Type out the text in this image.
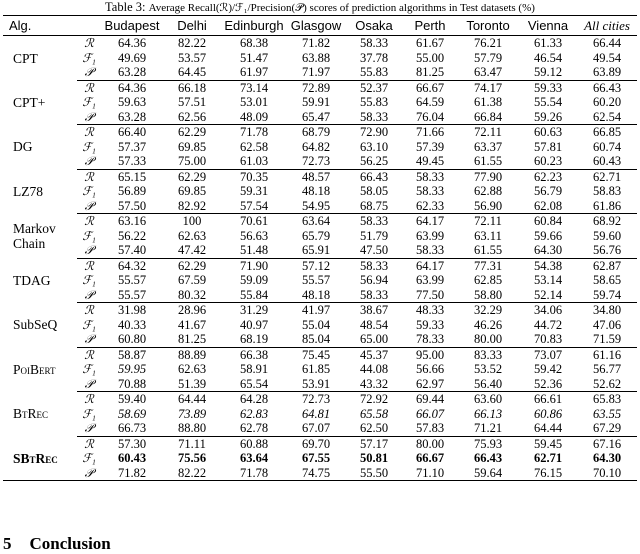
Table 3: Average Recall(ℛ)/ℱ₁/Precision(𝒫) scores of prediction algorithms in Test datasets (%)
Alg.		Budapest	Delhi	Edinburgh	Glasgow	Osaka	Perth	Toronto	Vienna	All cities
CPT	ℛ	64.36	82.22	68.38	71.82	58.33	61.67	76.21	61.33	66.44
	ℱ₁	49.69	53.57	51.47	63.88	37.78	55.00	57.79	46.54	49.54
	𝒫	63.28	64.45	61.97	71.97	55.83	81.25	63.47	59.12	63.89
CPT+	ℛ	64.36	66.18	73.14	72.89	52.37	66.67	74.17	59.33	66.43
	ℱ₁	59.63	57.51	53.01	59.91	55.83	64.59	61.38	55.54	60.20
	𝒫	63.28	62.56	48.09	65.47	58.33	76.04	66.84	59.26	62.54
DG	ℛ	66.40	62.29	71.78	68.79	72.90	71.66	72.11	60.63	66.85
	ℱ₁	57.37	69.85	62.58	64.82	63.10	57.39	63.37	57.81	60.74
	𝒫	57.33	75.00	61.03	72.73	56.25	49.45	61.55	60.23	60.43
LZ78	ℛ	65.15	62.29	70.35	48.57	66.43	58.33	77.90	62.23	62.71
	ℱ₁	56.89	69.85	59.31	48.18	58.05	58.33	62.88	56.79	58.83
	𝒫	57.50	82.92	57.54	54.95	68.75	62.33	56.90	62.08	61.86
Markov Chain	ℛ	63.16	100	70.61	63.64	58.33	64.17	72.11	60.84	68.92
	ℱ₁	56.22	62.63	56.63	65.79	51.79	63.99	63.11	59.66	59.60
	𝒫	57.40	47.42	51.48	65.91	47.50	58.33	61.55	64.30	56.76
TDAG	ℛ	64.32	62.29	71.90	57.12	58.33	64.17	77.31	54.38	62.87
	ℱ₁	55.57	67.59	59.09	55.57	56.94	63.99	62.85	53.14	58.65
	𝒫	55.57	80.32	55.84	48.18	58.33	77.50	58.80	52.14	59.74
SubSeQ	ℛ	31.98	28.96	31.29	41.97	38.67	48.33	32.29	34.06	34.80
	ℱ₁	40.33	41.67	40.97	55.04	48.54	59.33	46.26	44.72	47.06
	𝒫	60.80	81.25	68.19	85.04	65.00	78.33	80.00	70.83	71.59
PoiBert	ℛ	58.87	88.89	66.38	75.45	45.37	95.00	83.33	73.07	61.16
	ℱ₁	59.95	62.63	58.91	61.85	44.08	56.66	53.52	59.42	56.77
	𝒫	70.88	51.39	65.54	53.91	43.32	62.97	56.40	52.36	52.62
BtRec	ℛ	59.40	64.44	64.28	72.73	72.92	69.44	63.60	66.61	65.83
	ℱ₁	58.69	73.89	62.83	64.81	65.58	66.07	66.13	60.86	63.55
	𝒫	66.73	88.80	62.78	67.07	62.50	57.83	71.21	64.44	67.29
SBtRec	ℛ	57.30	71.11	60.88	69.70	57.17	80.00	75.93	59.45	67.16
	ℱ₁	60.43	75.56	63.64	67.55	50.81	66.67	66.43	62.71	64.30
	𝒫	71.82	82.22	71.78	74.75	55.50	71.10	59.64	76.15	70.10
5 Conclusion
